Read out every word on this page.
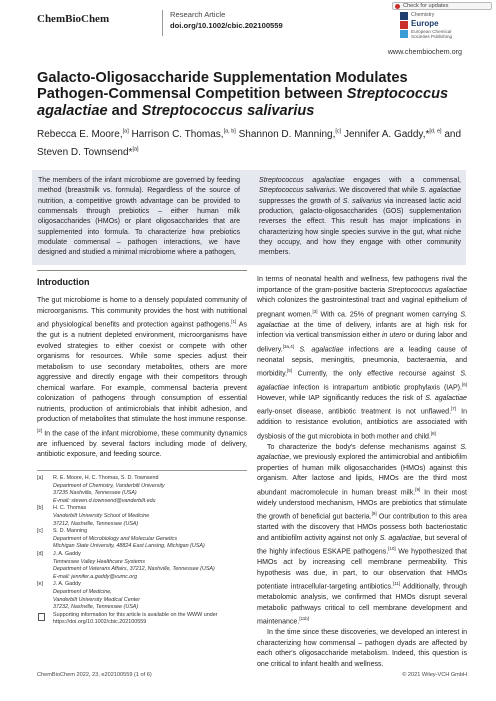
ChemBioChem	Research Article
doi.org/10.1002/cbic.202100559
Check for updates
Chemistry
Europe
European Chemical Societies Publishing
www.chembiochem.org
Galacto-Oligosaccharide Supplementation Modulates Pathogen-Commensal Competition between Streptococcus agalactiae and Streptococcus salivarius
Rebecca E. Moore,[a] Harrison C. Thomas,[a, b] Shannon D. Manning,[c] Jennifer A. Gaddy,*[d, e] and Steven D. Townsend*[a]
The members of the infant microbiome are governed by feeding method (breastmilk vs. formula). Regardless of the source of nutrition, a competitive growth advantage can be provided to commensals through prebiotics – either human milk oligosaccharides (HMOs) or plant oligosaccharides that are supplemented into formula. To characterize how prebiotics modulate commensal – pathogen interactions, we have designed and studied a minimal microbiome where a pathogen,
Streptococcus agalactiae engages with a commensal, Streptococcus salivarius. We discovered that while S. agalactiae suppresses the growth of S. salivarius via increased lactic acid production, galacto-oligosaccharides (GOS) supplementation reverses the effect. This result has major implications in characterizing how single species survive in the gut, what niche they occupy, and how they engage with other community members.
Introduction
The gut microbiome is home to a densely populated community of microorganisms. This community provides the host with nutritional and physiological benefits and protection against pathogens.[1] As the gut is a nutrient depleted environment, microorganisms have evolved strategies to either coexist or compete with other organisms for resources. While some species adjust their metabolism to use secondary metabolites, others are more aggressive and directly engage with their competitors through chemical warfare. For example, commensal bacteria prevent colonization of pathogens through consumption of essential nutrients, production of antimicrobials that inhibit adhesion, and production of metabolites that stimulate the host immune response.[2] In the case of the infant microbiome, these community dynamics are influenced by several factors including mode of delivery, antibiotic exposure, and feeding source.

In terms of neonatal health and wellness, few pathogens rival the importance of the gram-positive bacteria Streptococcus agalactiae which colonizes the gastrointestinal tract and vaginal epithelium of pregnant women.[3] With ca. 25% of pregnant women carrying S. agalactiae at the time of delivery, infants are at high risk for infection via vertical transmission either in utero or during labor and delivery.[3a,4] S. agalactiae infections are a leading cause of neonatal sepsis, meningitis, pneumonia, bacteraemia, and morbidity.[5] Currently, the only effective recourse against S. agalactiae infection is intrapartum antibiotic prophylaxis (IAP).[6] However, while IAP significantly reduces the risk of S. agalactiae early-onset disease, antibiotic treatment is not unflawed.[7] In addition to resistance evolution, antibiotics are associated with dysbiosis of the gut microbiota in both mother and child.[8]

To characterize the body's defense mechanisms against S. agalactiae, we previously explored the antimicrobial and antibiofilm properties of human milk oligosaccharides (HMOs) against this organism. After lactose and lipids, HMOs are the third most abundant macromolecule in human breast milk.[9] In their most widely understood mechanism, HMOs are prebiotics that stimulate the growth of beneficial gut bacteria.[9] Our contribution to this area started with the discovery that HMOs possess both bacteriostatic and antibiofilm activity against not only S. agalactiae, but several of the highly infectious ESKAPE pathogens.[10] We hypothesized that HMOs act by increasing cell membrane permeability. This hypothesis was due, in part, to our observation that HMOs potentiate intracellular-targeting antibiotics.[11] Additionally, through metabolomic analysis, we confirmed that HMOs disrupt several metabolic pathways critical to cell membrane development and maintenance.[11b]

In the time since these discoveries, we developed an interest in characterizing how commensal – pathogen dyads are affected by each other's oligosaccharide metabolism. Indeed, this question is one critical to infant health and wellness.

[a] R. E. Moore, H. C. Thomas, S. D. Townsend
Department of Chemistry, Vanderbilt University
37235 Nashville, Tennessee (USA)
E-mail: steven.d.townsend@vanderbilt.edu
[b] H. C. Thomas
Vanderbilt University School of Medicine
37212, Nashville, Tennessee (USA)
[c] S. D. Manning
Department of Microbiology and Molecular Genetics
Michigan State University, 48824 East Lansing, Michigan (USA)
[d] J. A. Gaddy
Tennessee Valley Healthcare Systems
Department of Veterans Affairs, 37212, Nashville, Tennessee (USA)
E-mail: jennifer.a.gaddy@vumc.org
[e] J. A. Gaddy
Department of Medicine,
Vanderbilt University Medical Center
37232, Nashville, Tennessee (USA)
Supporting information for this article is available on the WWW under https://doi.org/10.1002/cbic.202100559
ChemBioChem 2022, 23, e202100559 (1 of 6)	© 2021 Wiley-VCH GmbH
